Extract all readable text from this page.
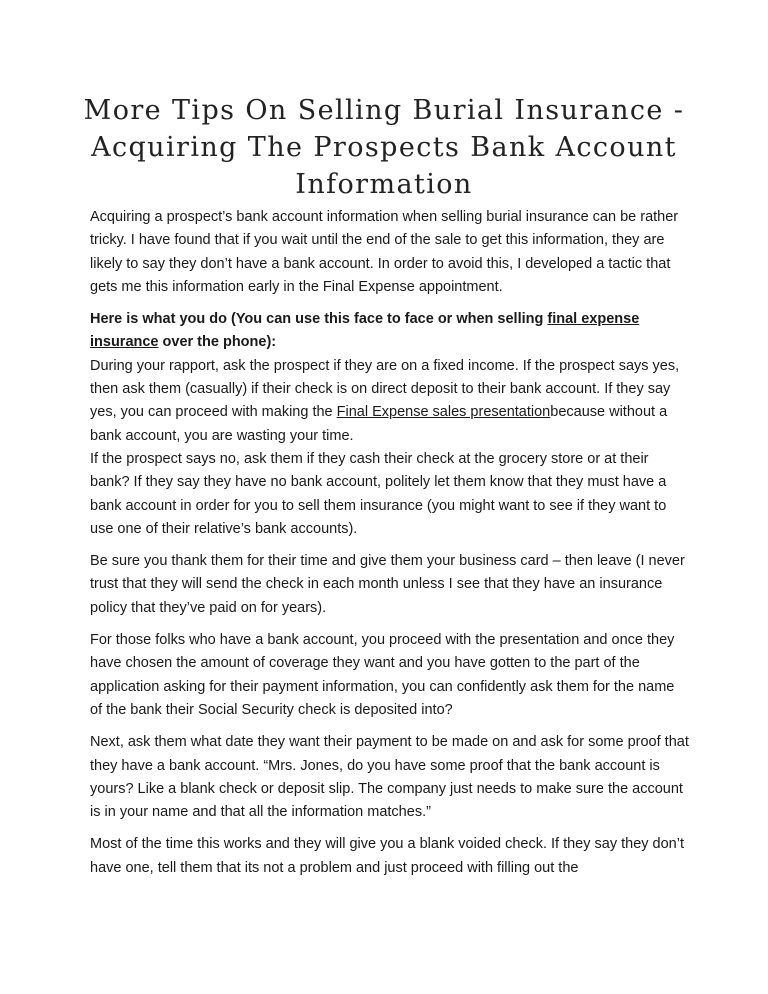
More Tips On Selling Burial Insurance -
Acquiring The Prospects Bank Account
Information

Acquiring a prospect’s bank account information when selling burial insurance can be rather tricky. I have found that if you wait until the end of the sale to get this information, they are likely to say they don’t have a bank account. In order to avoid this, I developed a tactic that gets me this information early in the Final Expense appointment.

Here is what you do (You can use this face to face or when selling final expense insurance over the phone):

During your rapport, ask the prospect if they are on a fixed income. If the prospect says yes, then ask them (casually) if their check is on direct deposit to their bank account. If they say yes, you can proceed with making the Final Expense sales presentationbecause without a bank account, you are wasting your time.

If the prospect says no, ask them if they cash their check at the grocery store or at their bank? If they say they have no bank account, politely let them know that they must have a bank account in order for you to sell them insurance (you might want to see if they want to use one of their relative’s bank accounts).

Be sure you thank them for their time and give them your business card – then leave (I never trust that they will send the check in each month unless I see that they have an insurance policy that they’ve paid on for years).

For those folks who have a bank account, you proceed with the presentation and once they have chosen the amount of coverage they want and you have gotten to the part of the application asking for their payment information, you can confidently ask them for the name of the bank their Social Security check is deposited into?

Next, ask them what date they want their payment to be made on and ask for some proof that they have a bank account. “Mrs. Jones, do you have some proof that the bank account is yours? Like a blank check or deposit slip. The company just needs to make sure the account is in your name and that all the information matches.”

Most of the time this works and they will give you a blank voided check. If they say they don’t have one, tell them that its not a problem and just proceed with filling out the
